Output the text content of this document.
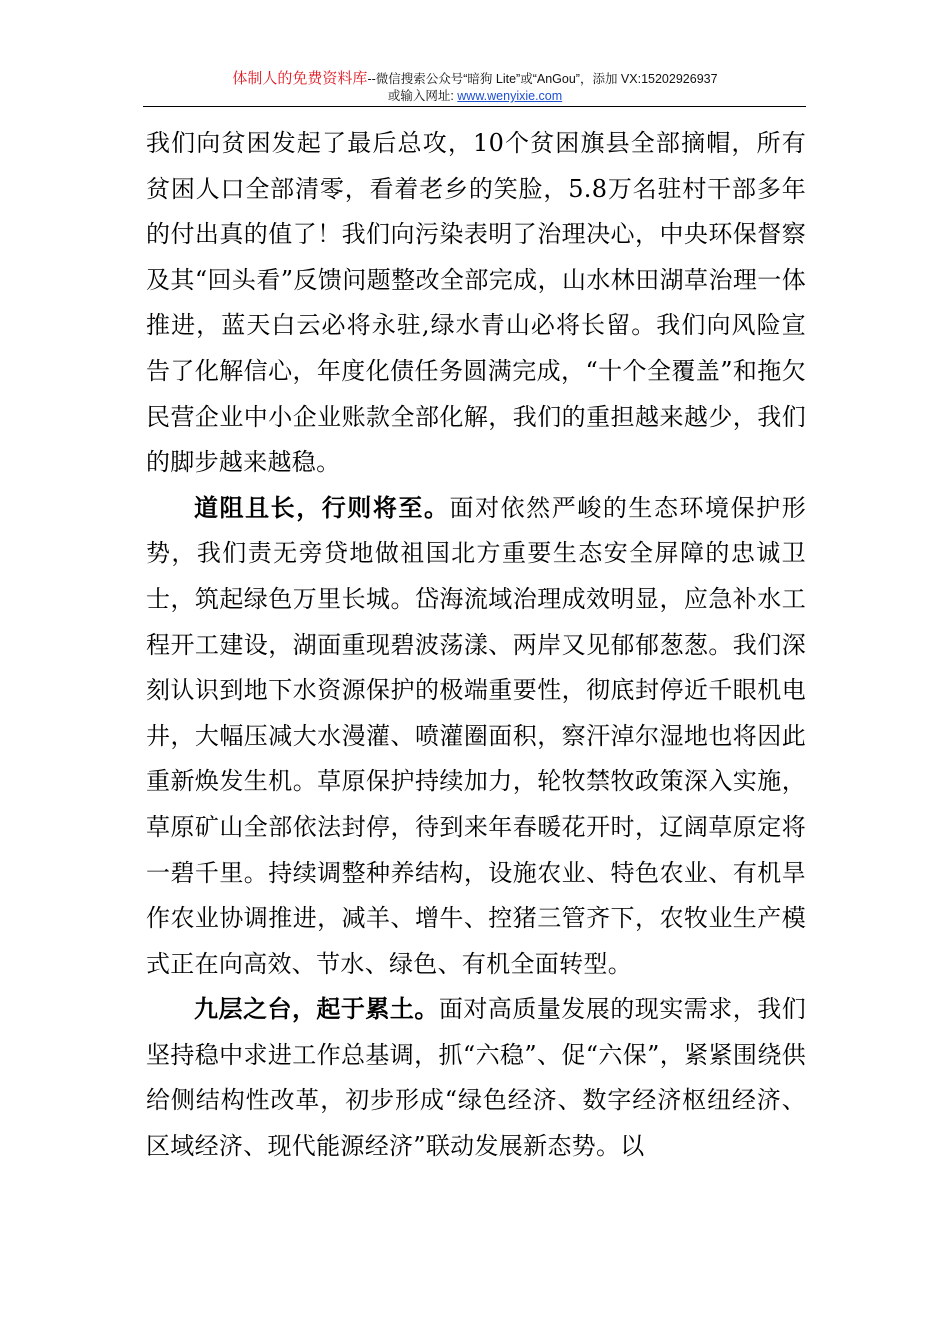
体制人的免费资料库--微信搜索公众号“暗狗 Lite”或“AnGou”，添加 VX:15202926937
或输入网址: www.wenyixie.com

我们向贫困发起了最后总攻，10个贫困旗县全部摘帽，所有贫困人口全部清零，看着老乡的笑脸，5.8万名驻村干部多年的付出真的值了！我们向污染表明了治理决心，中央环保督察及其“回头看”反馈问题整改全部完成，山水林田湖草治理一体推进，蓝天白云必将永驻,绿水青山必将长留。我们向风险宣告了化解信心，年度化债任务圆满完成，“十个全覆盖”和拖欠民营企业中小企业账款全部化解，我们的重担越来越少，我们的脚步越来越稳。

道阻且长，行则将至。面对依然严峻的生态环境保护形势，我们责无旁贷地做祖国北方重要生态安全屏障的忠诚卫士，筑起绿色万里长城。岱海流域治理成效明显，应急补水工程开工建设，湖面重现碧波荡漾、两岸又见郁郁葱葱。我们深刻认识到地下水资源保护的极端重要性，彻底封停近千眼机电井，大幅压减大水漫灌、喷灌圈面积，察汗淖尔湿地也将因此重新焕发生机。草原保护持续加力，轮牧禁牧政策深入实施，草原矿山全部依法封停，待到来年春暖花开时，辽阔草原定将一碧千里。持续调整种养结构，设施农业、特色农业、有机旱作农业协调推进，减羊、增牛、控猪三管齐下，农牧业生产模式正在向高效、节水、绿色、有机全面转型。

九层之台，起于累土。面对高质量发展的现实需求，我们坚持稳中求进工作总基调，抓“六稳”、促“六保”，紧紧围绕供给侧结构性改革，初步形成“绿色经济、数字经济枢纽经济、区域经济、现代能源经济”联动发展新态势。以
